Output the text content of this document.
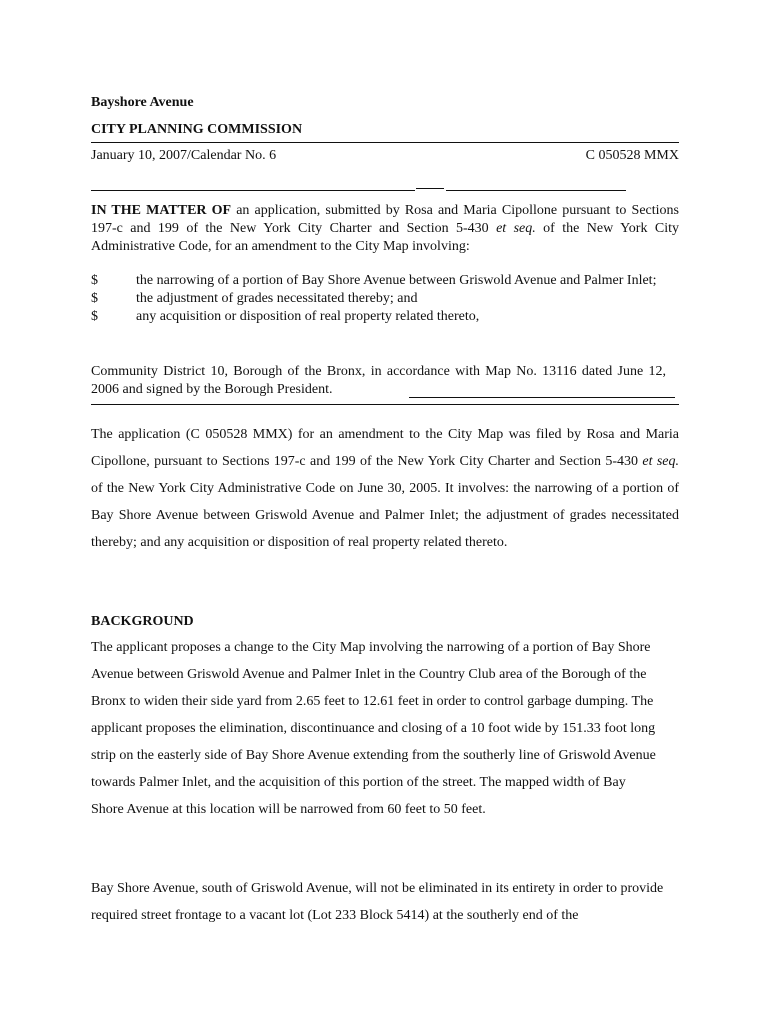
Bayshore Avenue
CITY PLANNING COMMISSION
January 10, 2007/Calendar No. 6	C 050528 MMX
IN THE MATTER OF an application, submitted by Rosa and Maria Cipollone pursuant to Sections 197-c and 199 of the New York City Charter and Section 5-430 et seq. of the New York City Administrative Code, for an amendment to the City Map involving:
$	the narrowing of a portion of Bay Shore Avenue between Griswold Avenue and Palmer Inlet;
$	the adjustment of grades necessitated thereby; and
$	any acquisition or disposition of real property related thereto,
Community District 10, Borough of the Bronx, in accordance with Map No. 13116 dated June 12, 2006 and signed by the Borough President.
The application (C 050528 MMX) for an amendment to the City Map was filed by Rosa and Maria Cipollone, pursuant to Sections 197-c and 199 of the New York City Charter and Section 5-430 et seq. of the New York City Administrative Code on June 30, 2005. It involves: the narrowing of a portion of Bay Shore Avenue between Griswold Avenue and Palmer Inlet; the adjustment of grades necessitated thereby; and any acquisition or disposition of real property related thereto.
BACKGROUND
The applicant proposes a change to the City Map involving the narrowing of a portion of Bay Shore Avenue between Griswold Avenue and Palmer Inlet in the Country Club area of the Borough of the Bronx to widen their side yard from 2.65 feet to 12.61 feet in order to control garbage dumping. The applicant proposes the elimination, discontinuance and closing of a 10 foot wide by 151.33 foot long strip on the easterly side of Bay Shore Avenue extending from the southerly line of Griswold Avenue towards Palmer Inlet, and the acquisition of this portion of the street. The mapped width of Bay Shore Avenue at this location will be narrowed from 60 feet to 50 feet.
Bay Shore Avenue, south of Griswold Avenue, will not be eliminated in its entirety in order to provide required street frontage to a vacant lot (Lot 233 Block 5414) at the southerly end of the
